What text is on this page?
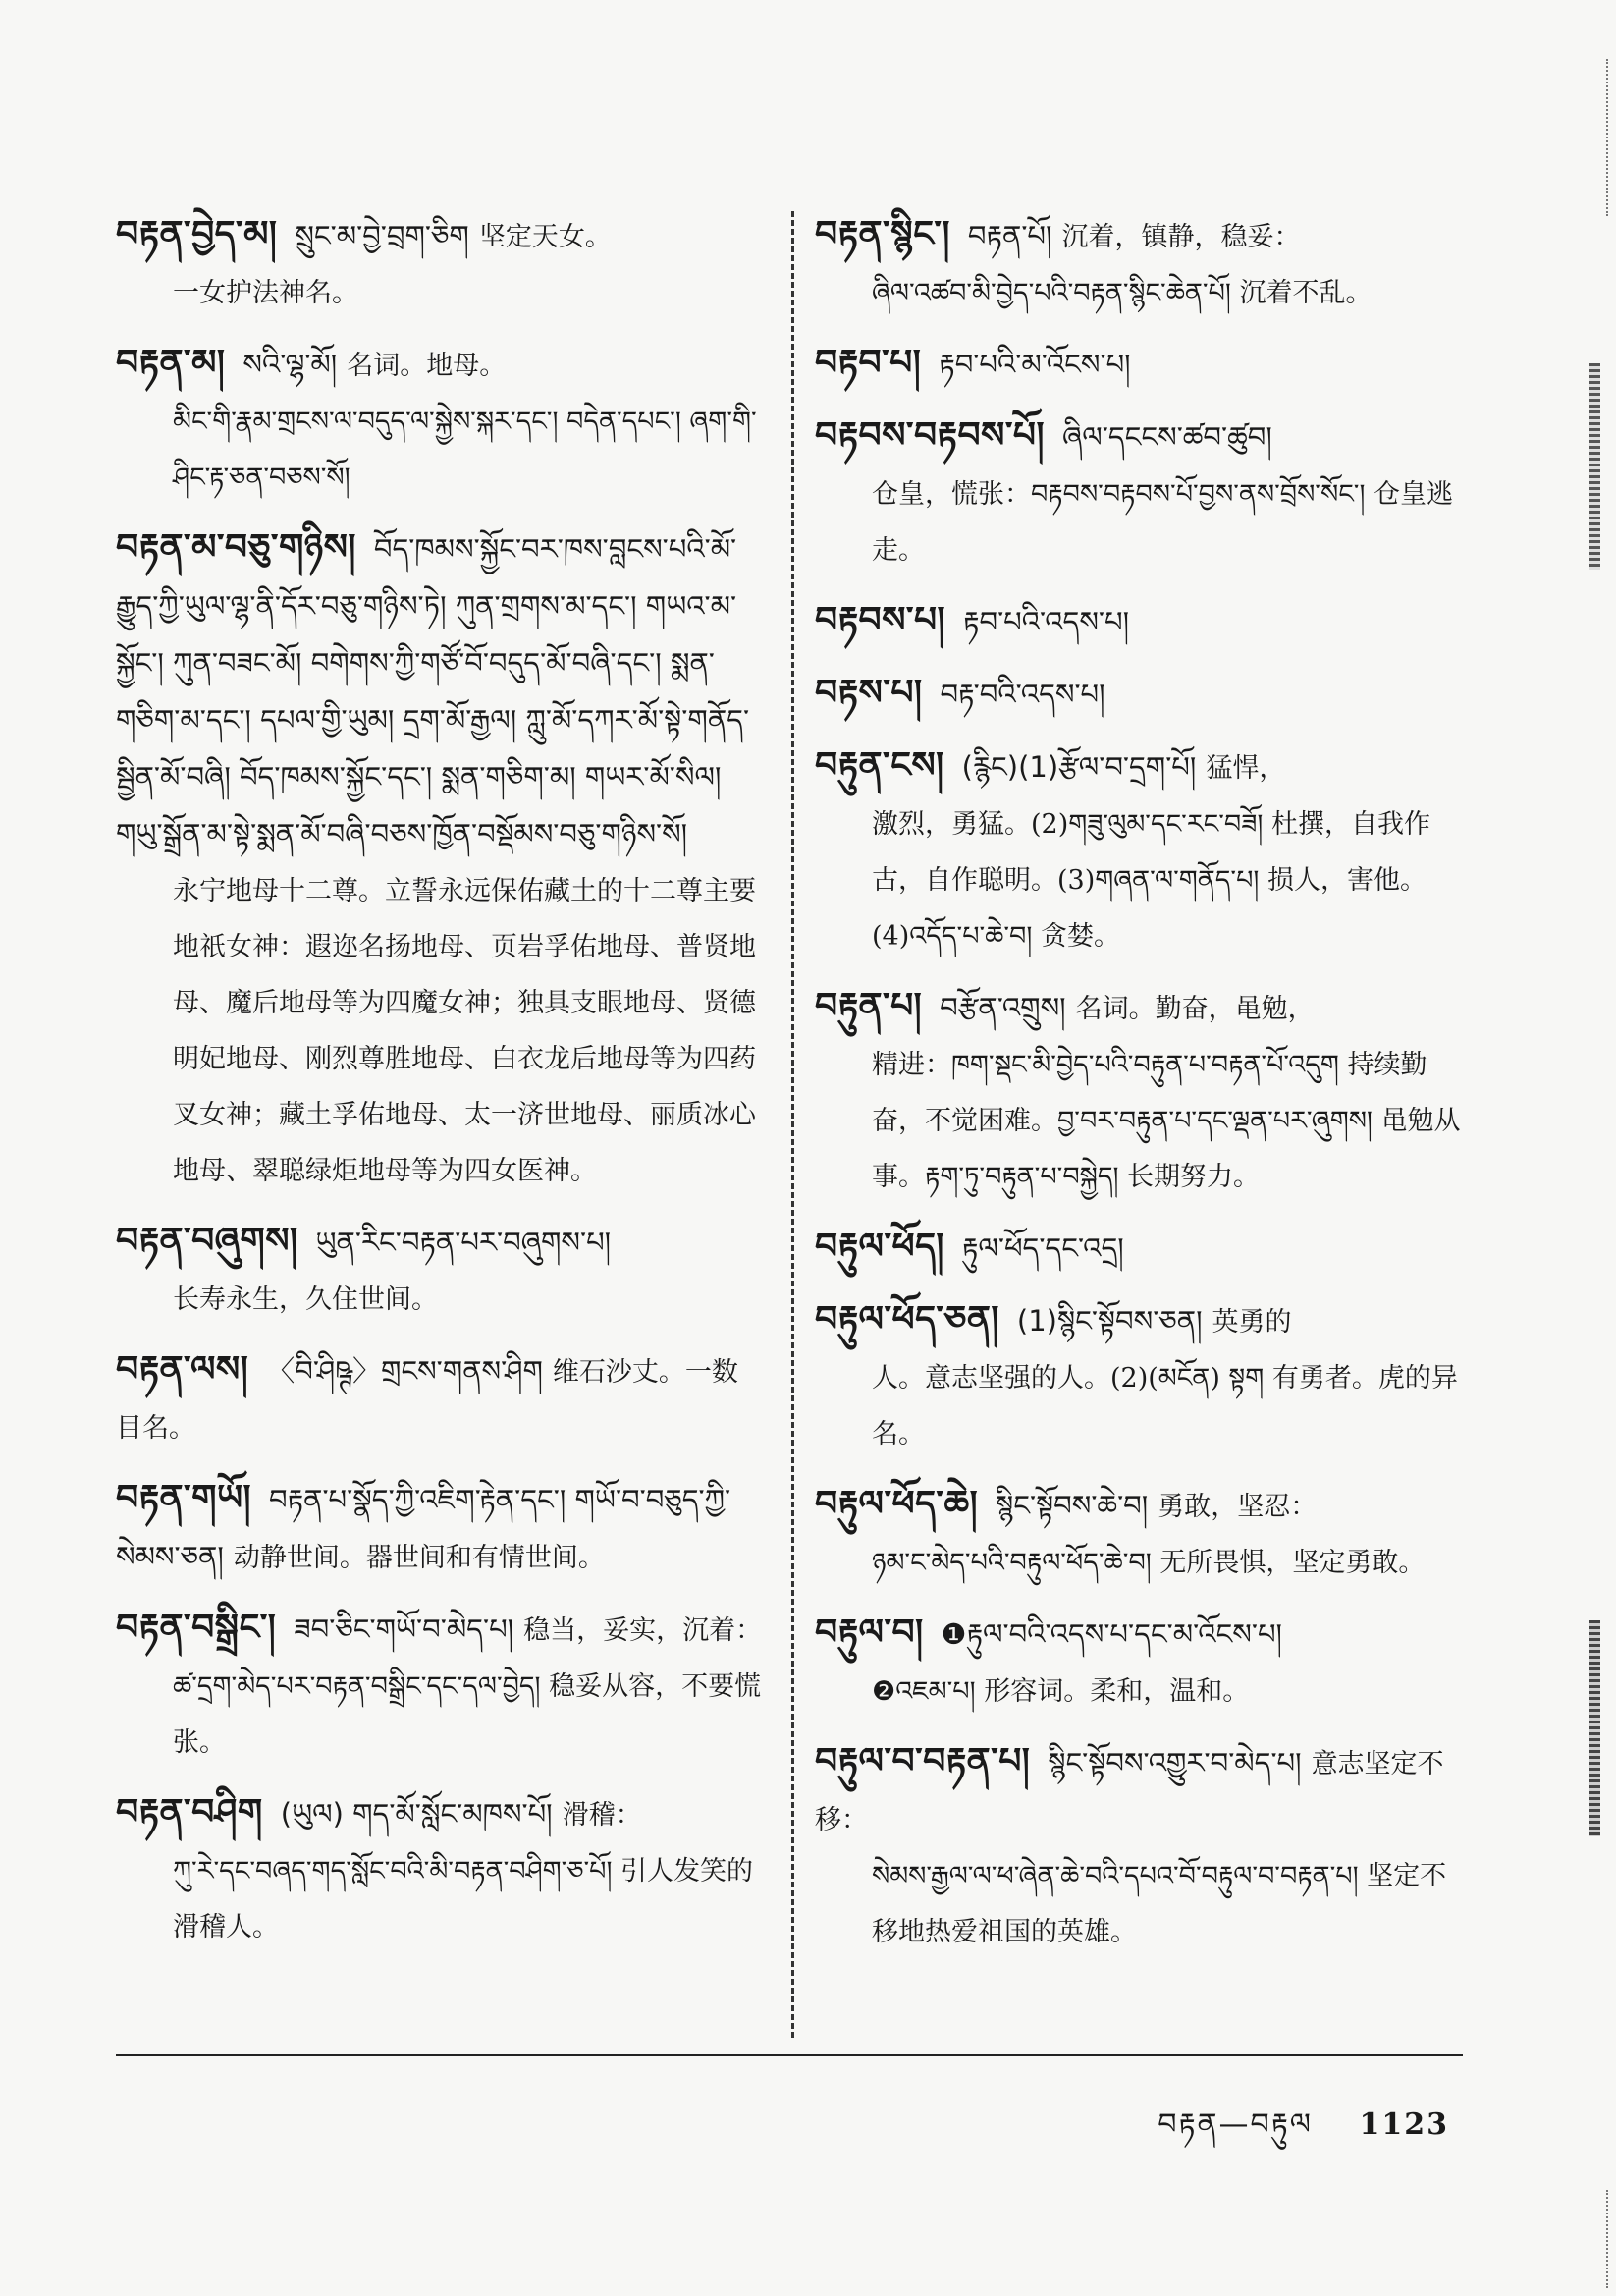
བརྟན་བྱེད་མ། སྲུང་མ་བྱེ་བྲག་ཅིག 坚定天女。
一女护法神名。
བརྟན་མ། སའི་ལྷ་མོ། 名词。地母。
མིང་གི་རྣམ་གྲངས་ལ་བདུད་ལ་སྐྱེས་སྐར་དང་། བདེན་དཔང་། ཞག་གི་ཤིང་རྟ་ཅན་བཅས་སོ།
བརྟན་མ་བཅུ་གཉིས། བོད་ཁམས་སྐྱོང་བར་ཁས་བླངས་པའི་མོ་རྒྱུད་ཀྱི་ཡུལ་ལྷ་ནི་དོར་བཅུ་གཉིས་ཏེ། ཀུན་གྲགས་མ་དང་། གཡའ་མ་སྐྱོང་། ཀུན་བཟང་མོ། བགེགས་ཀྱི་གཙོ་བོ་བདུད་མོ་བཞི་དང་། སྨན་གཅིག་མ་དང་། དཔལ་གྱི་ཡུམ། དྲག་མོ་རྒྱལ། ཀླུ་མོ་དཀར་མོ་སྟེ་གནོད་སྦྱིན་མོ་བཞི། བོད་ཁམས་སྐྱོང་དང་། སྨན་གཅིག་མ། གཡར་མོ་སིལ། གཡུ་སྒྲོན་མ་སྟེ་སྨན་མོ་བཞི་བཅས་ཁྱོན་བསྡོམས་བཅུ་གཉིས་སོ།
永宁地母十二尊。立誓永远保佑藏土的十二尊主要地祇女神：遐迩名扬地母、页岩孚佑地母、普贤地母、魔后地母等为四魔女神；独具支眼地母、贤德明妃地母、刚烈尊胜地母、白衣龙后地母等为四药叉女神；藏土孚佑地母、太一济世地母、丽质冰心地母、翠聪绿炬地母等为四女医神。
བརྟན་བཞུགས། ཡུན་རིང་བརྟན་པར་བཞུགས་པ།
长寿永生，久住世间。
བརྟན་ལས། 〈བི་ཤིཥྚ〉གྲངས་གནས་ཤིག 维石沙丈。一数目名。
བརྟན་གཡོ། བརྟན་པ་སྣོད་ཀྱི་འཇིག་རྟེན་དང་། གཡོ་བ་བཅུད་ཀྱི་སེམས་ཅན། 动静世间。器世间和有情世间。
བརྟན་བསྒྲིང་། ཟབ་ཅིང་གཡོ་བ་མེད་པ། 稳当，妥实，沉着：
ཚ་དྲག་མེད་པར་བརྟན་བསྒྲིང་དང་དལ་བྱེད། 稳妥从容，不要慌张。
བརྟན་བཤིག (ཡུལ) གད་མོ་སློང་མཁས་པོ། 滑稽：
ཀུ་རེ་དང་བཞད་གད་སློང་བའི་མི་བརྟན་བཤིག་ཅ་པོ། 引人发笑的滑稽人。
བརྟན་སྙིང་། བརྟན་པོ། 沉着，镇静，稳妥：
ཞིལ་འཚབ་མི་བྱེད་པའི་བརྟན་སྙིང་ཆེན་པོ། 沉着不乱。
བརྟབ་པ། རྟབ་པའི་མ་འོངས་པ།
བརྟབས་བརྟབས་པོ། ཞིལ་དངངས་ཚབ་ཚུབ།
仓皇，慌张：བརྟབས་བརྟབས་པོ་བྱས་ནས་བྲོས་སོང་། 仓皇逃走。
བརྟབས་པ། རྟབ་པའི་འདས་པ།
བརྟས་པ། བརྟ་བའི་འདས་པ།
བརྟུན་ངས། (རྙིང)(1)རྩོལ་བ་དྲག་པོ། 猛悍，
激烈，勇猛。(2)གཟུ་ལུམ་དང་རང་བཟོ། 杜撰，自我作古，自作聪明。(3)གཞན་ལ་གནོད་པ། 损人，害他。(4)འདོད་པ་ཆེ་བ། 贪婪。
བརྟུན་པ། བརྩོན་འགྲུས། 名词。勤奋，黾勉，
精进：ཁག་སྡང་མི་བྱེད་པའི་བརྟུན་པ་བརྟན་པོ་འདུག 持续勤奋，不觉困难。བྱ་བར་བརྟུན་པ་དང་ལྡན་པར་ཞུགས། 黾勉从事。རྟག་ཏུ་བརྟུན་པ་བསྐྱེད། 长期努力。
བརྟུལ་ཕོད། རྟུལ་ཕོད་དང་འདྲ།
བརྟུལ་ཕོད་ཅན། (1)སྙིང་སྟོབས་ཅན། 英勇的
人。意志坚强的人。(2)(མངོན) སྟག 有勇者。虎的异名。
བརྟུལ་ཕོད་ཆེ། སྙིང་སྟོབས་ཆེ་བ། 勇敢，坚忍：
ཉམ་ང་མེད་པའི་བརྟུལ་ཕོད་ཆེ་བ། 无所畏惧，坚定勇敢。
བརྟུལ་བ། ❶རྟུལ་བའི་འདས་པ་དང་མ་འོངས་པ།
❷འཇམ་པ། 形容词。柔和，温和。
བརྟུལ་བ་བརྟན་པ། སྙིང་སྟོབས་འགྱུར་བ་མེད་པ། 意志坚定不移：
སེམས་རྒྱལ་ལ་ཕ་ཞེན་ཆེ་བའི་དཔའ་བོ་བརྟུལ་བ་བརྟན་པ། 坚定不移地热爱祖国的英雄。
བརྟན—བརྟུལ 1123
